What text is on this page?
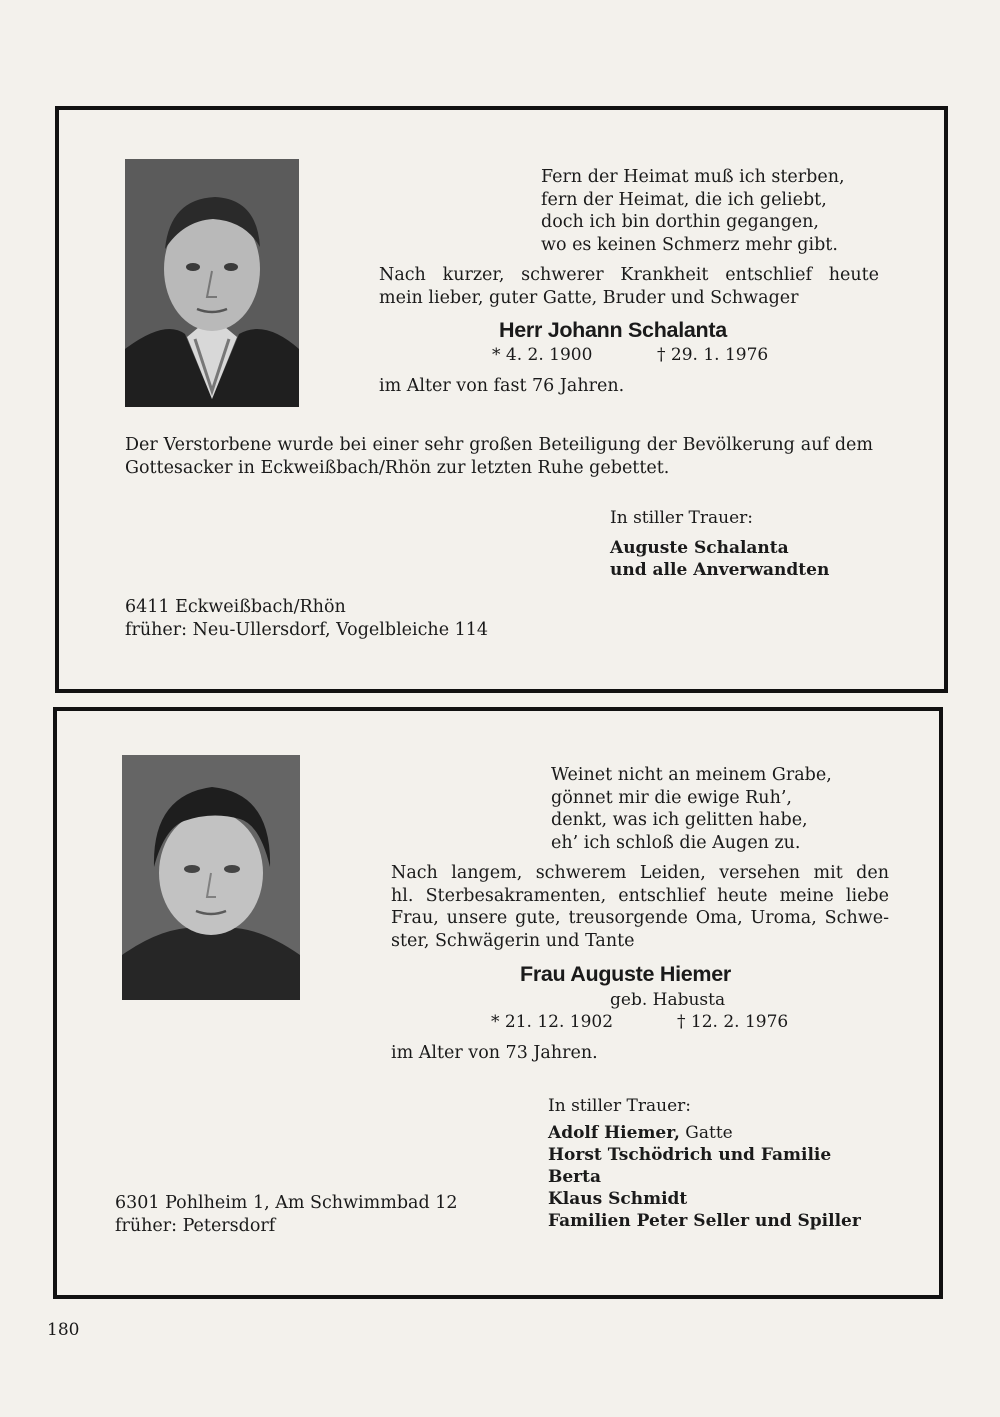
Fern der Heimat muß ich sterben,
fern der Heimat, die ich geliebt,
doch ich bin dorthin gegangen,
wo es keinen Schmerz mehr gibt.
Nach kurzer, schwerer Krankheit entschlief heute
mein lieber, guter Gatte, Bruder und Schwager
Herr Johann Schalanta
* 4. 2. 1900	† 29. 1. 1976
im Alter von fast 76 Jahren.
Der Verstorbene wurde bei einer sehr großen Beteiligung der Bevölkerung auf dem
Gottesacker in Eckweißbach/Rhön zur letzten Ruhe gebettet.
In stiller Trauer:
Auguste Schalanta
und alle Anverwandten
6411 Eckweißbach/Rhön
früher: Neu-Ullersdorf, Vogelbleiche 114
Weinet nicht an meinem Grabe,
gönnet mir die ewige Ruh’,
denkt, was ich gelitten habe,
eh’ ich schloß die Augen zu.
Nach langem, schwerem Leiden, versehen mit den
hl. Sterbesakramenten, entschlief heute meine liebe
Frau, unsere gute, treusorgende Oma, Uroma, Schwe-
ster, Schwägerin und Tante
Frau Auguste Hiemer
geb. Habusta
* 21. 12. 1902	† 12. 2. 1976
im Alter von 73 Jahren.
In stiller Trauer:
Adolf Hiemer, Gatte
Horst Tschödrich und Familie
Berta
Klaus Schmidt
Familien Peter Seller und Spiller
6301 Pohlheim 1, Am Schwimmbad 12
früher: Petersdorf
180
